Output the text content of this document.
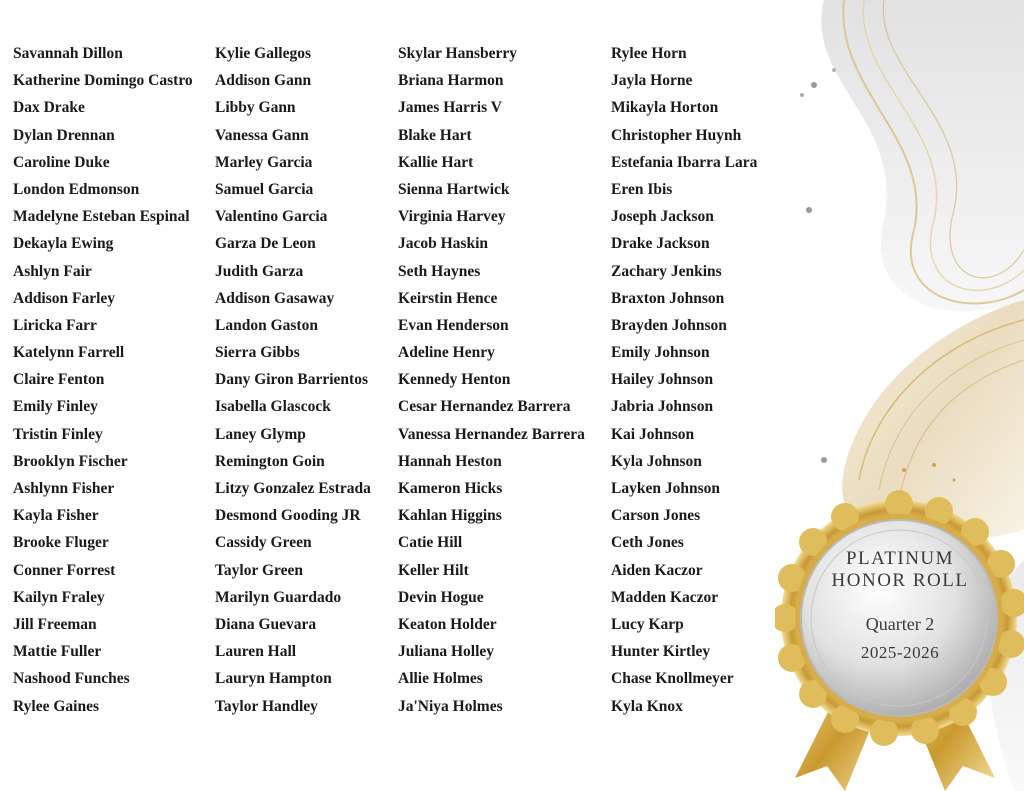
PLATINUM
HONOR ROLL
Quarter 2
2025-2026
Savannah Dillon
Katherine Domingo Castro
Dax Drake
Dylan Drennan
Caroline Duke
London Edmonson
Madelyne Esteban Espinal
Dekayla Ewing
Ashlyn Fair
Addison Farley
Liricka Farr
Katelynn Farrell
Claire Fenton
Emily Finley
Tristin Finley
Brooklyn Fischer
Ashlynn Fisher
Kayla Fisher
Brooke Fluger
Conner Forrest
Kailyn Fraley
Jill Freeman
Mattie Fuller
Nashood Funches
Rylee Gaines
Kylie Gallegos
Addison Gann
Libby Gann
Vanessa Gann
Marley Garcia
Samuel Garcia
Valentino Garcia
Garza De Leon
Judith Garza
Addison Gasaway
Landon Gaston
Sierra Gibbs
Dany Giron Barrientos
Isabella Glascock
Laney Glymp
Remington Goin
Litzy Gonzalez Estrada
Desmond Gooding JR
Cassidy Green
Taylor Green
Marilyn Guardado
Diana Guevara
Lauren Hall
Lauryn Hampton
Taylor Handley
Skylar Hansberry
Briana Harmon
James Harris V
Blake Hart
Kallie Hart
Sienna Hartwick
Virginia Harvey
Jacob Haskin
Seth Haynes
Keirstin Hence
Evan Henderson
Adeline Henry
Kennedy Henton
Cesar Hernandez Barrera
Vanessa Hernandez Barrera
Hannah Heston
Kameron Hicks
Kahlan Higgins
Catie Hill
Keller Hilt
Devin Hogue
Keaton Holder
Juliana Holley
Allie Holmes
Ja'Niya Holmes
Rylee Horn
Jayla Horne
Mikayla Horton
Christopher Huynh
Estefania Ibarra Lara
Eren Ibis
Joseph Jackson
Drake Jackson
Zachary Jenkins
Braxton Johnson
Brayden Johnson
Emily Johnson
Hailey Johnson
Jabria Johnson
Kai Johnson
Kyla Johnson
Layken Johnson
Carson Jones
Ceth Jones
Aiden Kaczor
Madden Kaczor
Lucy Karp
Hunter Kirtley
Chase Knollmeyer
Kyla Knox
